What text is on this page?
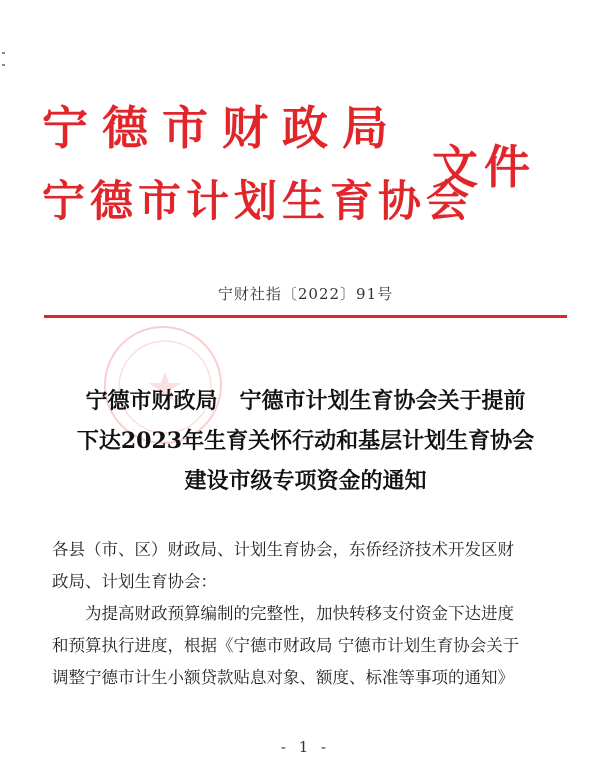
宁德市财政局
宁德市计划生育协会
文件
宁财社指〔2022〕91号
宁德市财政局　宁德市计划生育协会关于提前
下达2023年生育关怀行动和基层计划生育协会
建设市级专项资金的通知
各县（市、区）财政局、计划生育协会，东侨经济技术开发区财
政局、计划生育协会：
　　为提高财政预算编制的完整性，加快转移支付资金下达进度
和预算执行进度，根据《宁德市财政局 宁德市计划生育协会关于
调整宁德市计生小额贷款贴息对象、额度、标准等事项的通知》
- 1 -
